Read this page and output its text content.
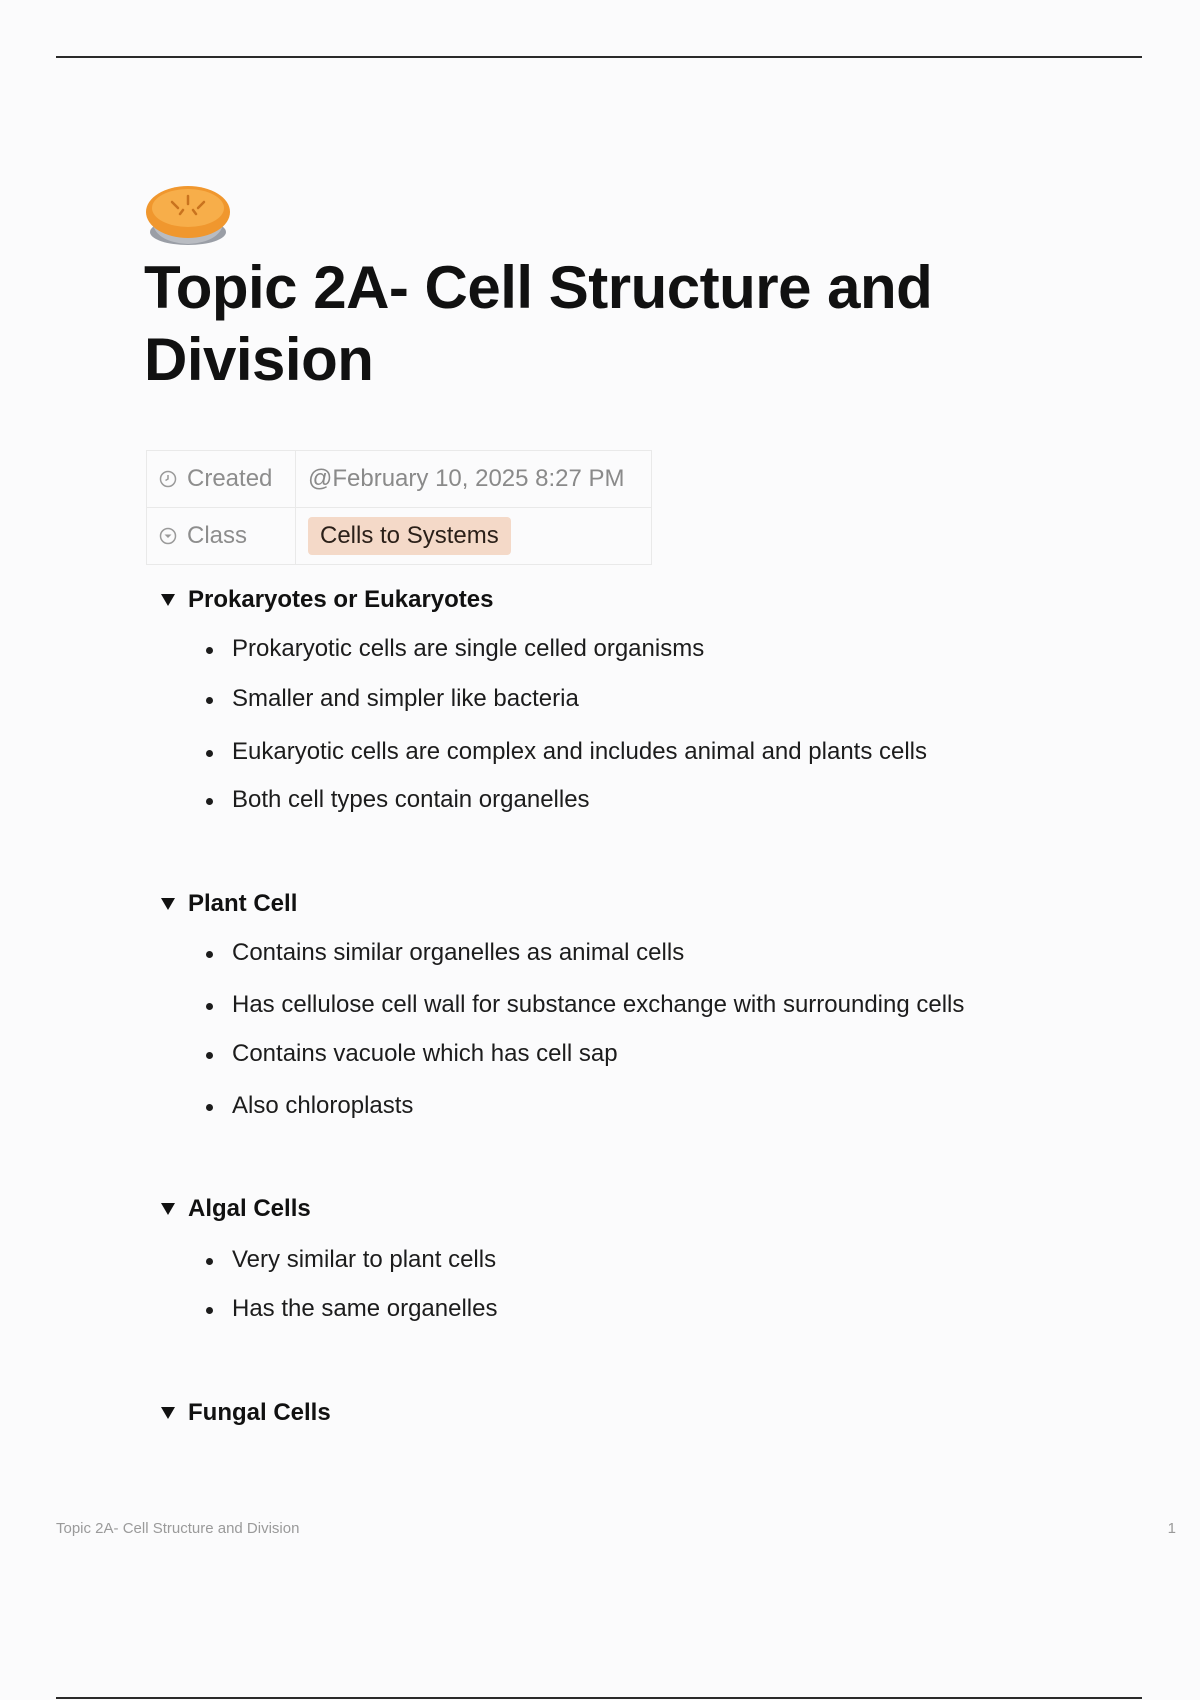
Topic 2A- Cell Structure and Division
Created	@February 10, 2025 8:27 PM

Class	Cells to Systems
Prokaryotes or Eukaryotes
Prokaryotic cells are single celled organisms
Smaller and simpler like bacteria
Eukaryotic cells are complex and includes animal and plants cells
Both cell types contain organelles
Plant Cell
Contains similar organelles as animal cells
Has cellulose cell wall for substance exchange with surrounding cells
Contains vacuole which has cell sap
Also chloroplasts
Algal Cells
Very similar to plant cells
Has the same organelles
Fungal Cells
Topic 2A- Cell Structure and Division	1
